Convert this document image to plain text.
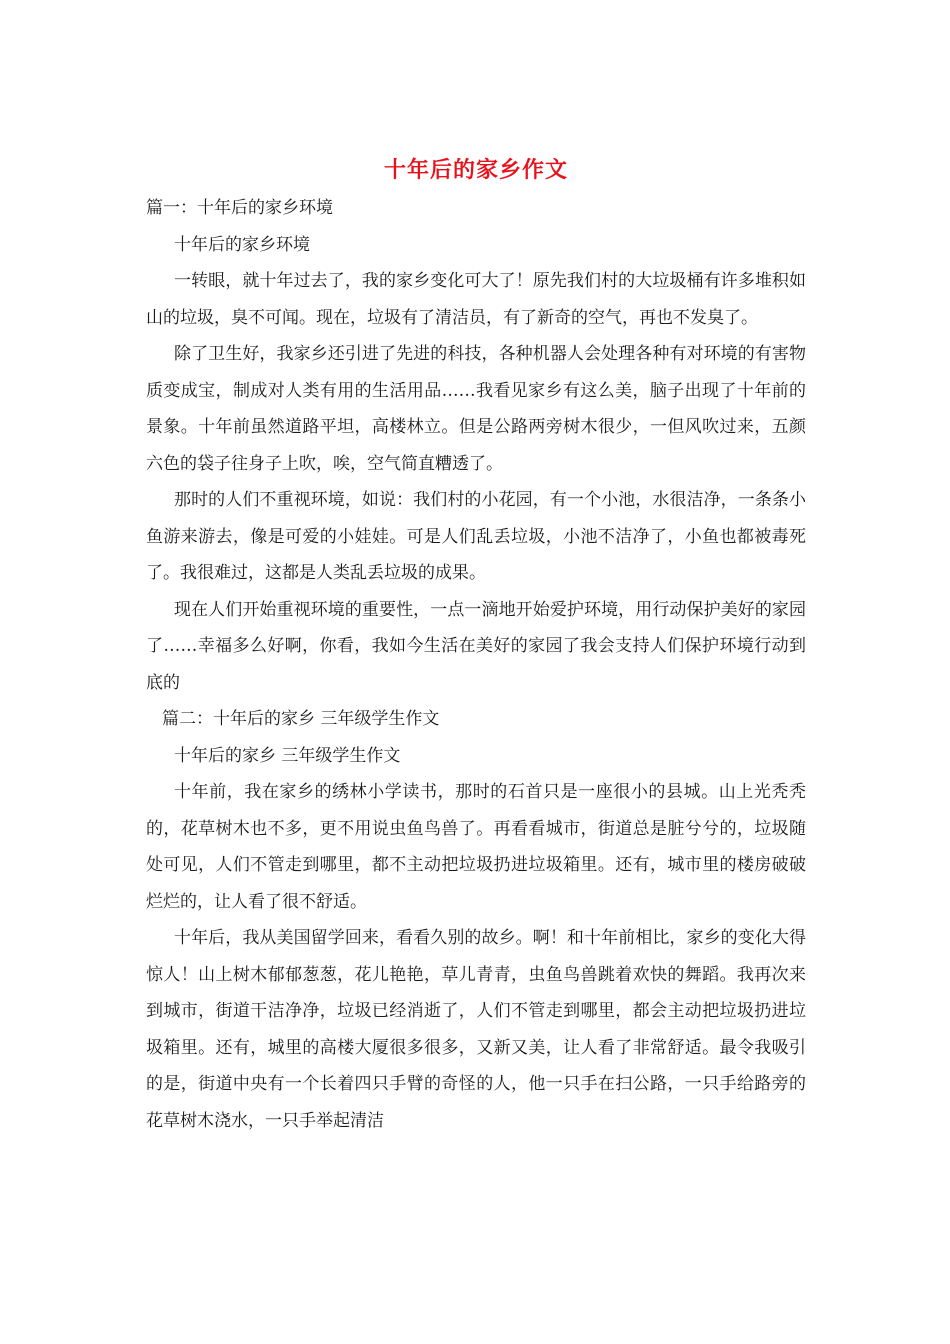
十年后的家乡作文

篇一：十年后的家乡环境

十年后的家乡环境

一转眼，就十年过去了，我的家乡变化可大了！原先我们村的大垃圾桶有许多堆积如山的垃圾，臭不可闻。现在，垃圾有了清洁员，有了新奇的空气，再也不发臭了。

除了卫生好，我家乡还引进了先进的科技，各种机器人会处理各种有对环境的有害物质变成宝，制成对人类有用的生活用品……我看见家乡有这么美，脑子出现了十年前的景象。十年前虽然道路平坦，高楼林立。但是公路两旁树木很少，一但风吹过来，五颜六色的袋子往身子上吹，唉，空气简直糟透了。

那时的人们不重视环境，如说：我们村的小花园，有一个小池，水很洁净，一条条小鱼游来游去，像是可爱的小娃娃。可是人们乱丢垃圾，小池不洁净了，小鱼也都被毒死了。我很难过，这都是人类乱丢垃圾的成果。

现在人们开始重视环境的重要性，一点一滴地开始爱护环境，用行动保护美好的家园了……幸福多么好啊，你看，我如今生活在美好的家园了我会支持人们保护环境行动到底的

篇二：十年后的家乡 三年级学生作文

十年后的家乡 三年级学生作文

十年前，我在家乡的绣林小学读书，那时的石首只是一座很小的县城。山上光秃秃的，花草树木也不多，更不用说虫鱼鸟兽了。再看看城市，街道总是脏兮兮的，垃圾随处可见，人们不管走到哪里，都不主动把垃圾扔进垃圾箱里。还有，城市里的楼房破破烂烂的，让人看了很不舒适。

十年后，我从美国留学回来，看看久别的故乡。啊！和十年前相比，家乡的变化大得惊人！山上树木郁郁葱葱，花儿艳艳，草儿青青，虫鱼鸟兽跳着欢快的舞蹈。我再次来到城市，街道干洁净净，垃圾已经消逝了，人们不管走到哪里，都会主动把垃圾扔进垃圾箱里。还有，城里的高楼大厦很多很多，又新又美，让人看了非常舒适。最令我吸引的是，街道中央有一个长着四只手臂的奇怪的人，他一只手在扫公路，一只手给路旁的花草树木浇水，一只手举起清洁
